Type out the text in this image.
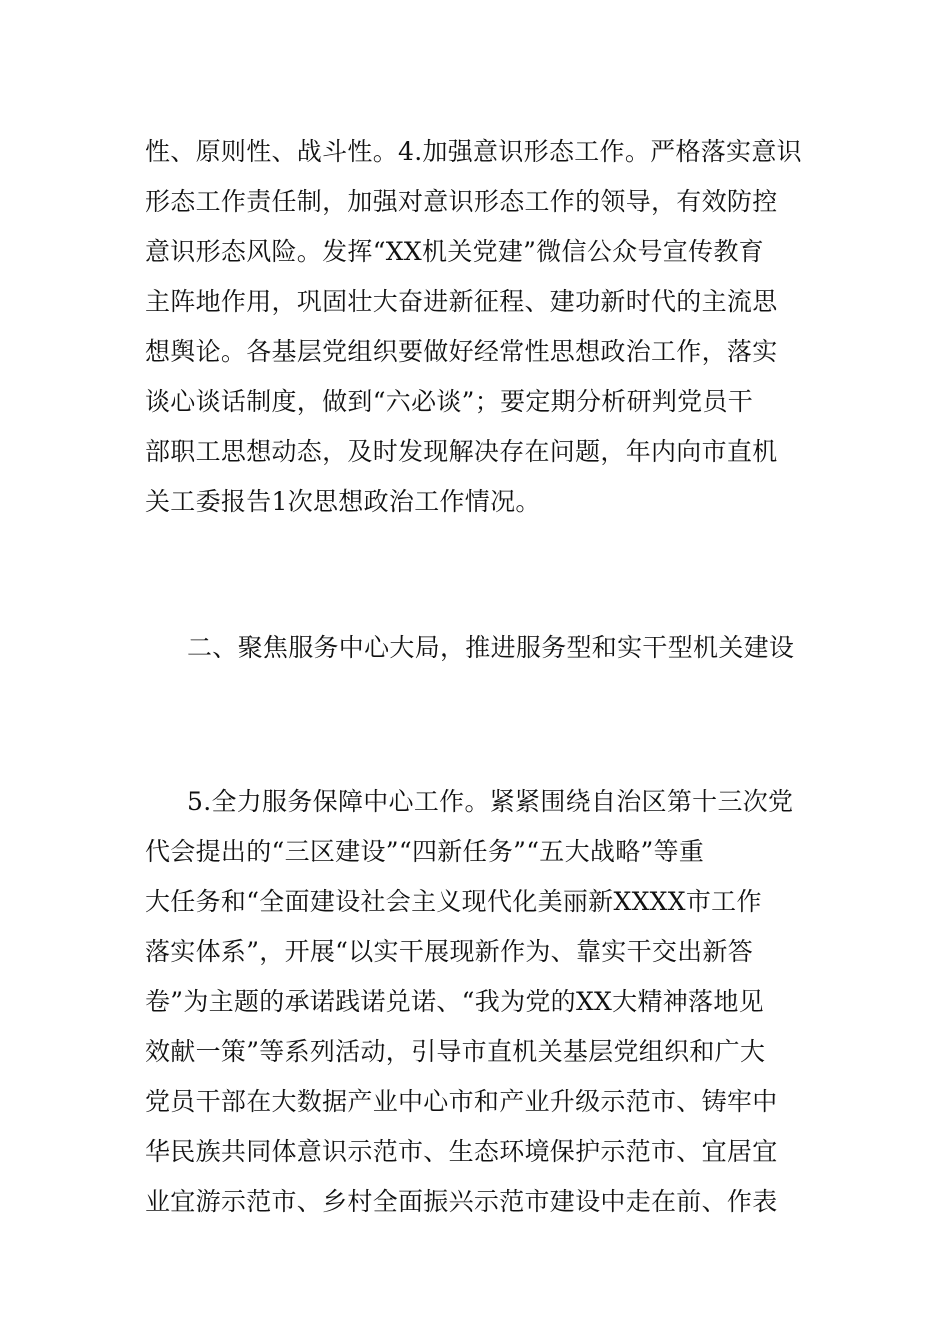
性、原则性、战斗性。4.加强意识形态工作。严格落实意识
形态工作责任制，加强对意识形态工作的领导，有效防控
意识形态风险。发挥“XX机关党建”微信公众号宣传教育
主阵地作用，巩固壮大奋进新征程、建功新时代的主流思
想舆论。各基层党组织要做好经常性思想政治工作，落实
谈心谈话制度，做到“六必谈”；要定期分析研判党员干
部职工思想动态，及时发现解决存在问题，年内向市直机
关工委报告1次思想政治工作情况。
二、聚焦服务中心大局，推进服务型和实干型机关建设
5.全力服务保障中心工作。紧紧围绕自治区第十三次党
代会提出的“三区建设”“四新任务”“五大战略”等重
大任务和“全面建设社会主义现代化美丽新XXXX市工作
落实体系”，开展“以实干展现新作为、靠实干交出新答
卷”为主题的承诺践诺兑诺、“我为党的XX大精神落地见
效献一策”等系列活动，引导市直机关基层党组织和广大
党员干部在大数据产业中心市和产业升级示范市、铸牢中
华民族共同体意识示范市、生态环境保护示范市、宜居宜
业宜游示范市、乡村全面振兴示范市建设中走在前、作表
